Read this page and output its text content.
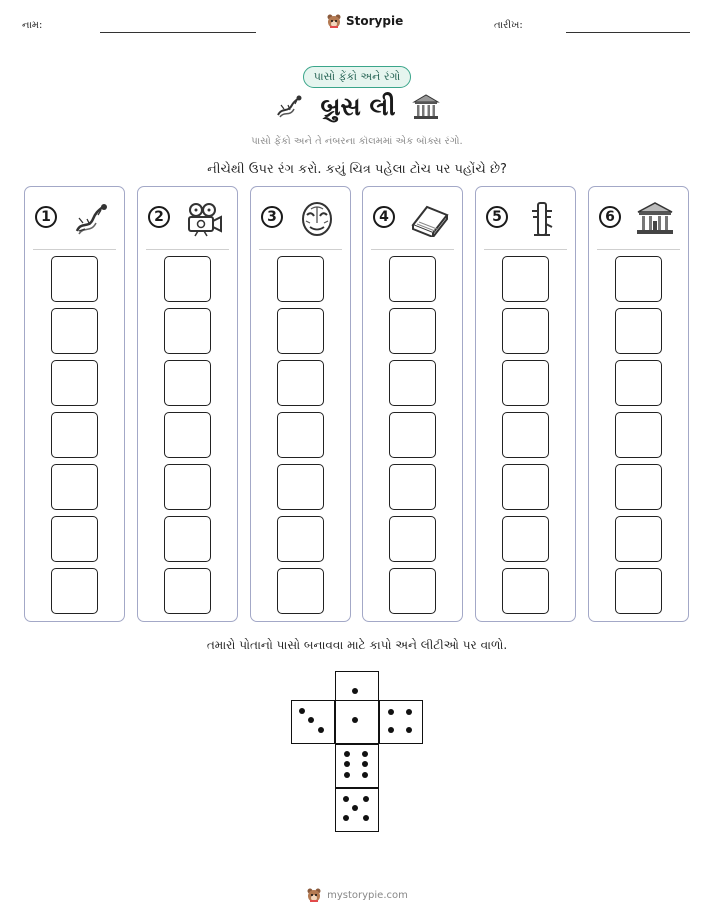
નામ:	Storypie	તારીખ:
પાસો ફેંકો અને રંગો
બ્રુસ લી
પાસો ફેંકો અને તે નંબરના કૉલમમાં એક બૉક્સ રંગો.
નીચેથી ઉપર રંગ કરો. કયું ચિત્ર પહેલા ટોચ પર પહોંચે છે?
1	2	3	4	5	6
તમારો પોતાનો પાસો બનાવવા માટે કાપો અને લીટીઓ પર વાળો.
mystorypie.com
